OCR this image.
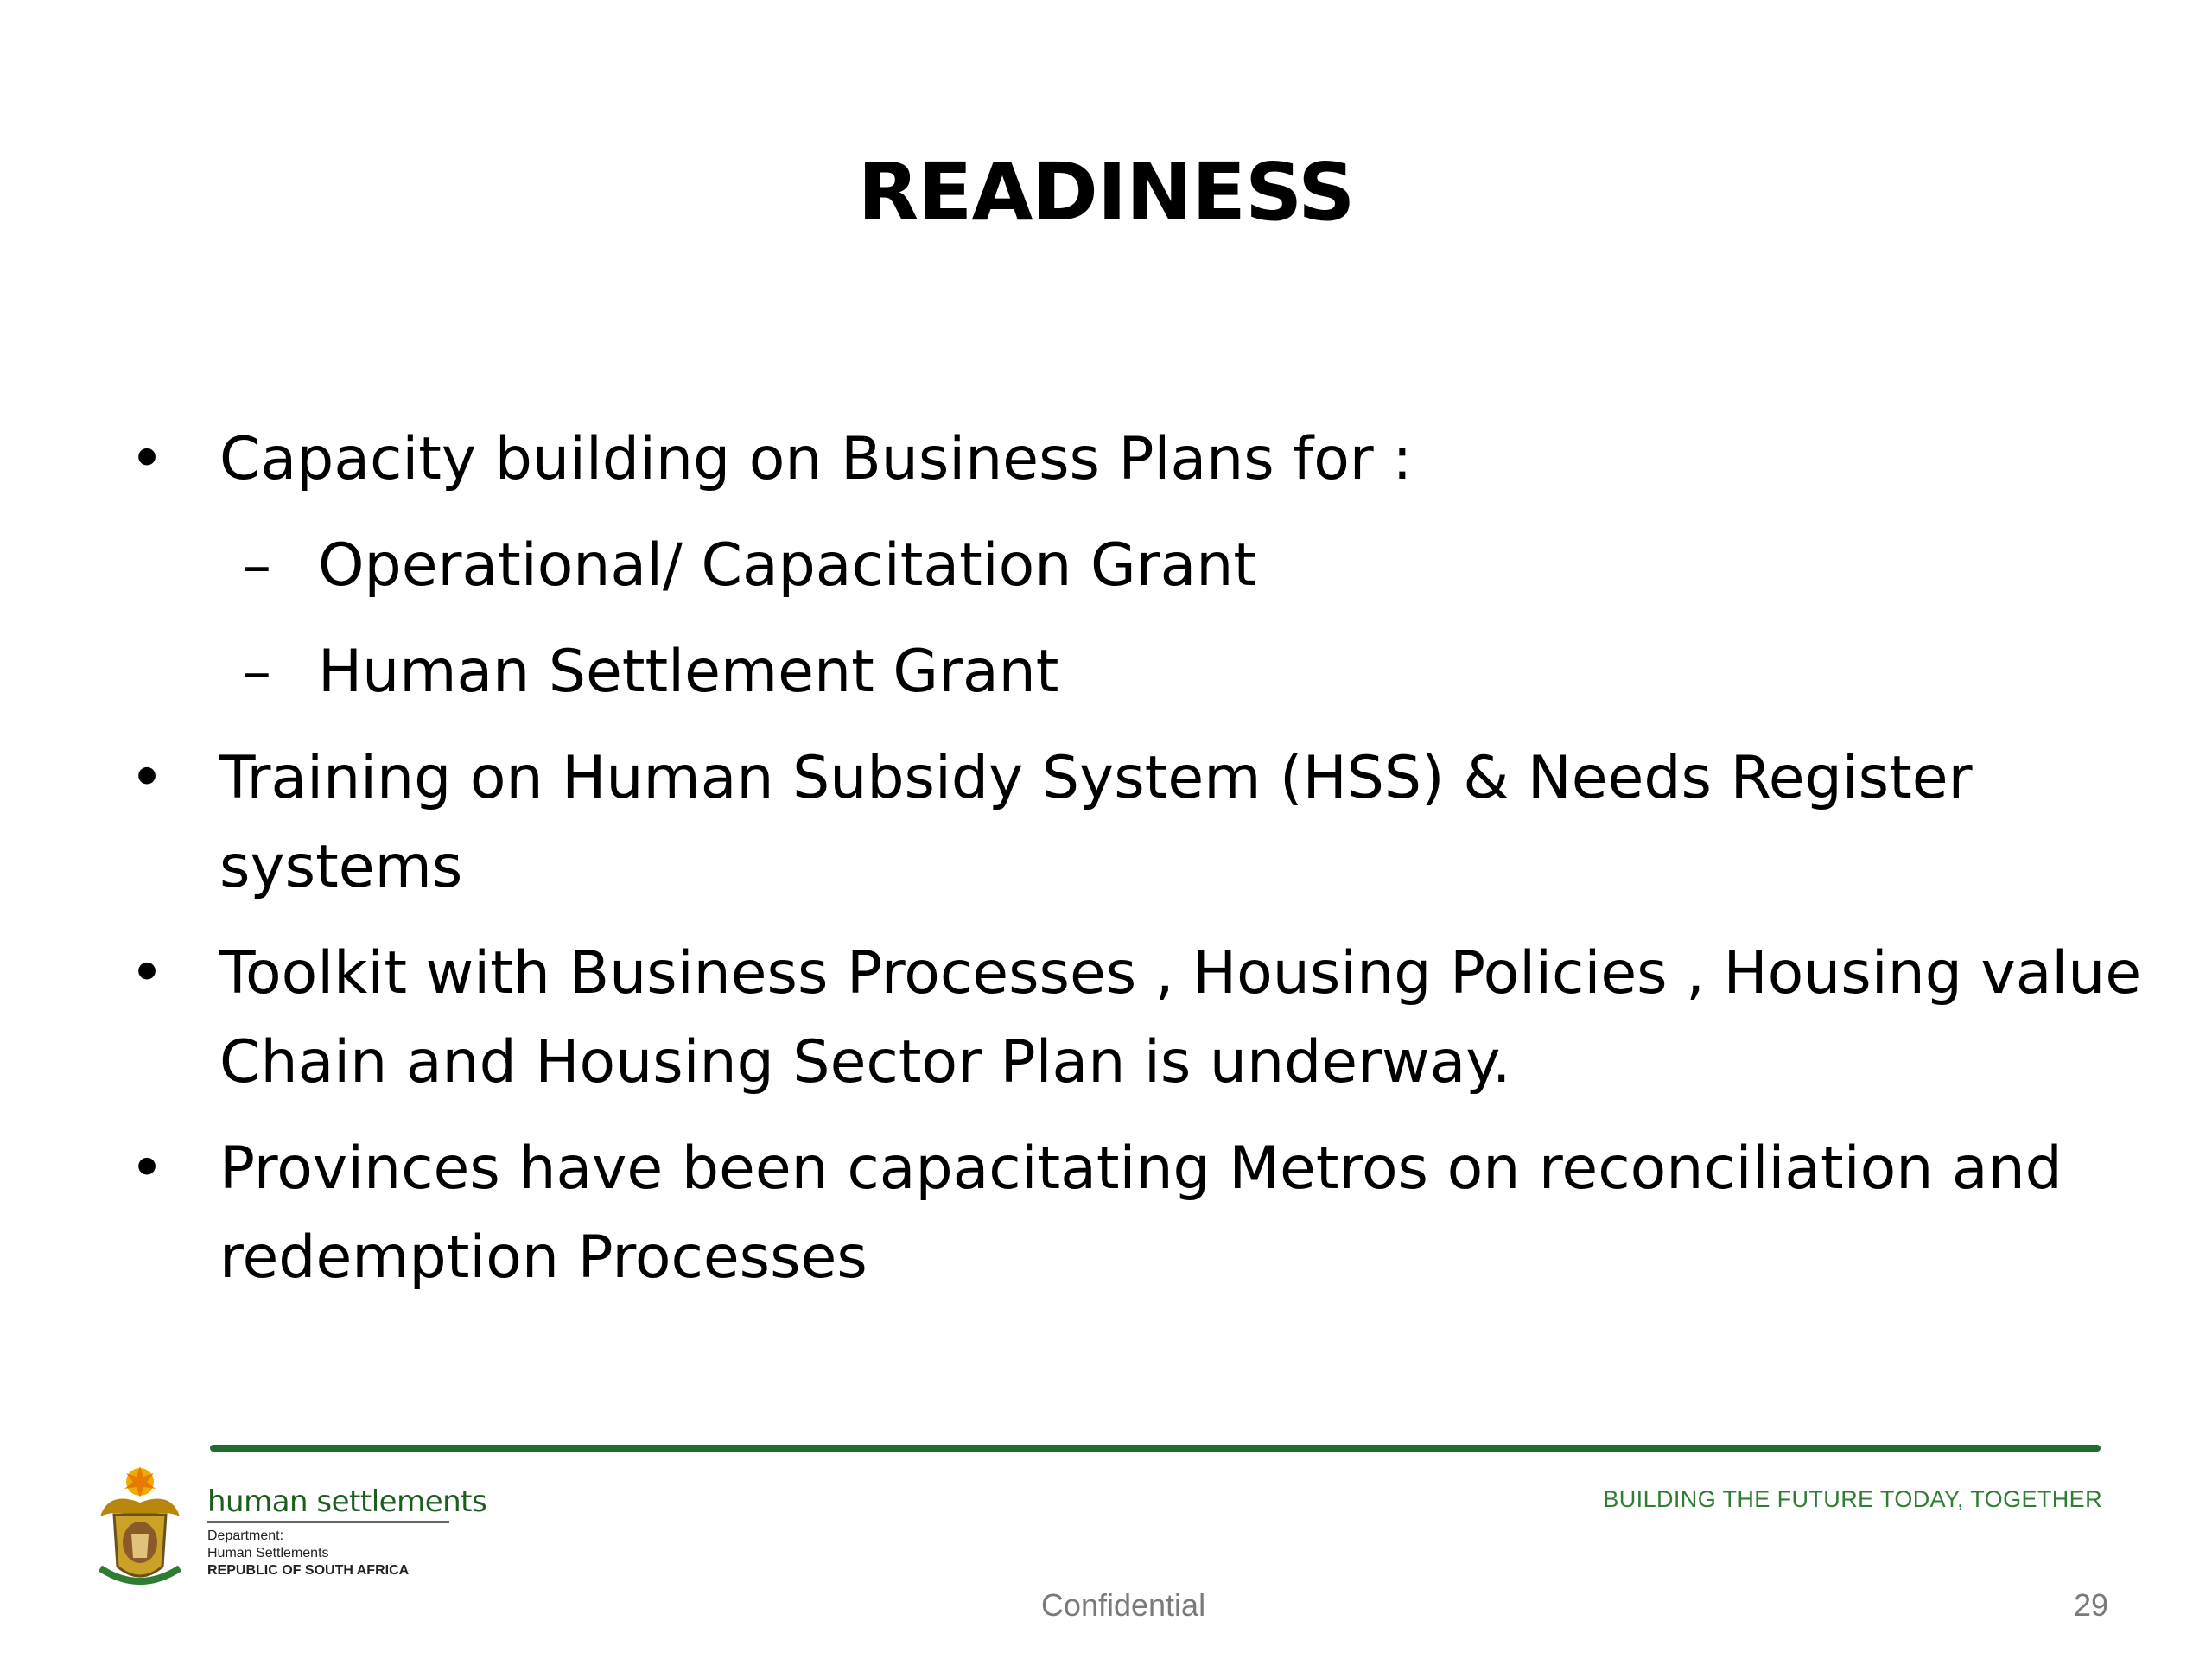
READINESS
• Capacity building on Business Plans for :
– Operational/ Capacitation Grant
– Human Settlement Grant
• Training on Human Subsidy System (HSS) & Needs Register systems
• Toolkit with Business Processes , Housing Policies , Housing value Chain and Housing Sector Plan is underway.
• Provinces have been capacitating Metros on reconciliation and redemption Processes
human settlements
Department:
Human Settlements
REPUBLIC OF SOUTH AFRICA
BUILDING THE FUTURE TODAY, TOGETHER
Confidential	29
